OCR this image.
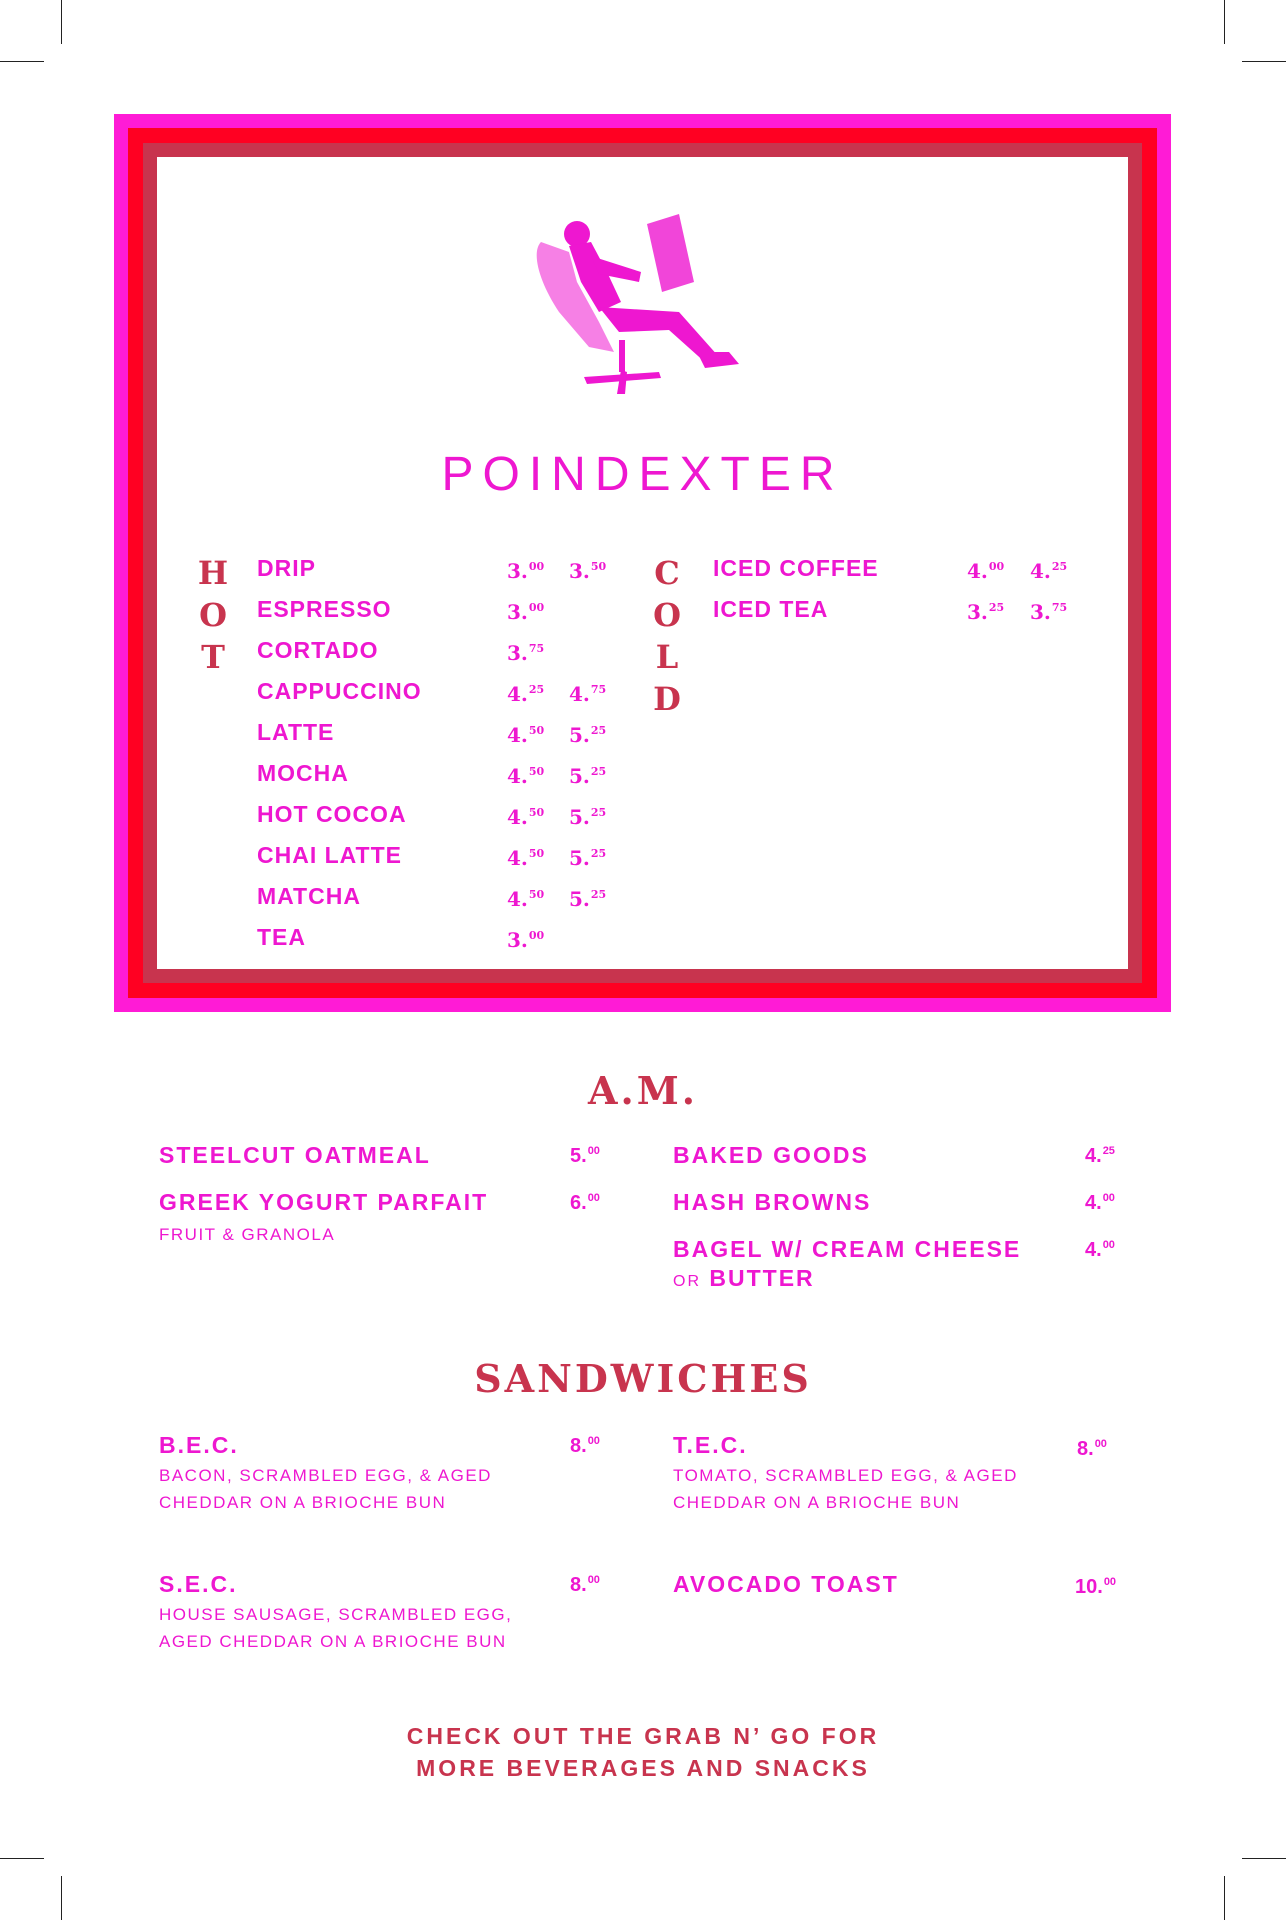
POINDEXTER
H
O
T
DRIP	3.00 3.50
ESPRESSO	3.00
CORTADO	3.75
CAPPUCCINO	4.25 4.75
LATTE	4.50 5.25
MOCHA	4.50 5.25
HOT COCOA	4.50 5.25
CHAI LATTE	4.50 5.25
MATCHA	4.50 5.25
TEA	3.00
C
O
L
D
ICED COFFEE	4.00 4.25
ICED TEA	3.25 3.75
A.M.
STEELCUT OATMEAL	5.00
GREEK YOGURT PARFAIT	6.00
FRUIT & GRANOLA
BAKED GOODS	4.25
HASH BROWNS	4.00
BAGEL W/ CREAM CHEESE	4.00
OR BUTTER
SANDWICHES
B.E.C.	8.00
BACON, SCRAMBLED EGG, & AGED
CHEDDAR ON A BRIOCHE BUN
T.E.C.	8.00
TOMATO, SCRAMBLED EGG, & AGED
CHEDDAR ON A BRIOCHE BUN
S.E.C.	8.00
HOUSE SAUSAGE, SCRAMBLED EGG,
AGED CHEDDAR ON A BRIOCHE BUN
AVOCADO TOAST	10.00
CHECK OUT THE GRAB N’ GO FOR
MORE BEVERAGES AND SNACKS
